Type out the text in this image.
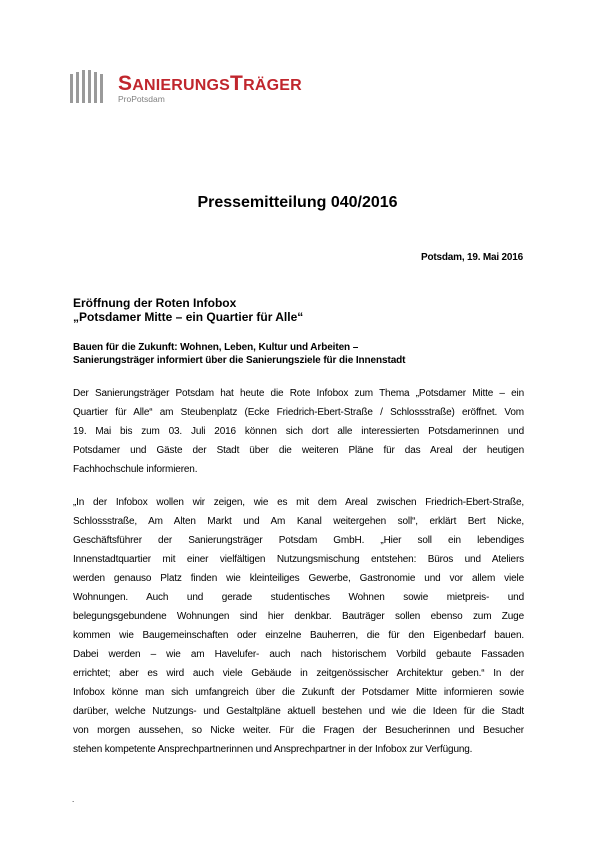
SANIERUNGSTRÄGER
ProPotsdam
Pressemitteilung 040/2016
Potsdam, 19. Mai 2016
Eröffnung der Roten Infobox
„Potsdamer Mitte – ein Quartier für Alle“
Bauen für die Zukunft: Wohnen, Leben, Kultur und Arbeiten –
Sanierungsträger informiert über die Sanierungsziele für die Innenstadt
Der Sanierungsträger Potsdam hat heute die Rote Infobox zum Thema „Potsdamer Mitte – ein
Quartier für Alle“ am Steubenplatz (Ecke Friedrich-Ebert-Straße / Schlossstraße) eröffnet. Vom
19. Mai bis zum 03. Juli 2016 können sich dort alle interessierten Potsdamerinnen und
Potsdamer und Gäste der Stadt über die weiteren Pläne für das Areal der heutigen
Fachhochschule informieren.
„In der Infobox wollen wir zeigen, wie es mit dem Areal zwischen Friedrich-Ebert-Straße,
Schlossstraße, Am Alten Markt und Am Kanal weitergehen soll“, erklärt Bert Nicke,
Geschäftsführer der Sanierungsträger Potsdam GmbH. „Hier soll ein lebendiges
Innenstadtquartier mit einer vielfältigen Nutzungsmischung entstehen: Büros und Ateliers
werden genauso Platz finden wie kleinteiliges Gewerbe, Gastronomie und vor allem viele
Wohnungen. Auch und gerade studentisches Wohnen sowie mietpreis- und
belegungsgebundene Wohnungen sind hier denkbar. Bauträger sollen ebenso zum Zuge
kommen wie Baugemeinschaften oder einzelne Bauherren, die für den Eigenbedarf bauen.
Dabei werden – wie am Havelufer- auch nach historischem Vorbild gebaute Fassaden
errichtet; aber es wird auch viele Gebäude in zeitgenössischer Architektur geben.“ In der
Infobox könne man sich umfangreich über die Zukunft der Potsdamer Mitte informieren sowie
darüber, welche Nutzungs- und Gestaltpläne aktuell bestehen und wie die Ideen für die Stadt
von morgen aussehen, so Nicke weiter. Für die Fragen der Besucherinnen und Besucher
stehen kompetente Ansprechpartnerinnen und Ansprechpartner in der Infobox zur Verfügung.
.
